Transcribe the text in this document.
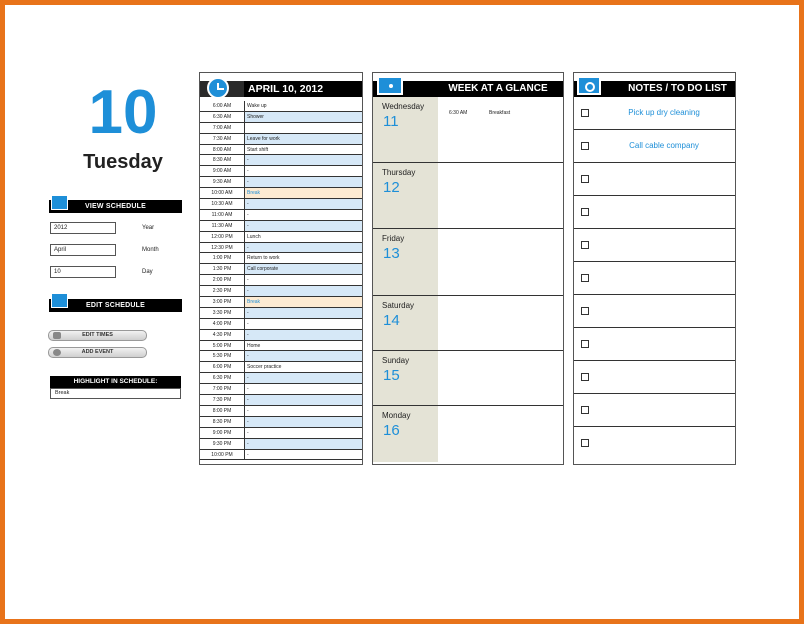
10
Tuesday
VIEW SCHEDULE
2012	Year
April	Month
10	Day
EDIT SCHEDULE
EDIT TIMES
ADD EVENT
HIGHLIGHT IN SCHEDULE:
Break
APRIL 10, 2012
6:00 AM	Wake up
6:30 AM	Shower
7:00 AM
7:30 AM	Leave for work
8:00 AM	Start shift
8:30 AM	-
9:00 AM	-
9:30 AM	-
10:00 AM	Break
10:30 AM	-
11:00 AM	-
11:30 AM	-
12:00 PM	Lunch
12:30 PM	-
1:00 PM	Return to work
1:30 PM	Call corporate
2:00 PM	-
2:30 PM	-
3:00 PM	Break
3:30 PM	-
4:00 PM	-
4:30 PM	-
5:00 PM	Home
5:30 PM	-
6:00 PM	Soccer practice
6:30 PM	-
7:00 PM	-
7:30 PM	-
8:00 PM	-
8:30 PM	-
9:00 PM	-
9:30 PM	-
10:00 PM	-
WEEK AT A GLANCE
Wednesday
11	6:30 AM	Breakfast
Thursday
12
Friday
13
Saturday
14
Sunday
15
Monday
16
NOTES / TO DO LIST
Pick up dry cleaning
Call cable company
